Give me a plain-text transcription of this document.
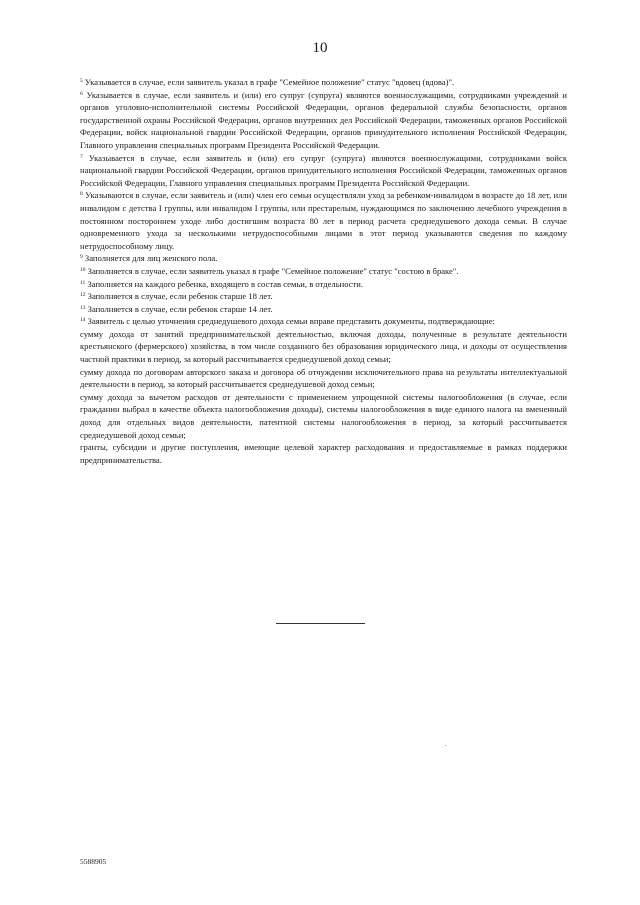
10

$^5$ Указывается в случае, если заявитель указал в графе "Семейное положение" статус "вдовец (вдова)".

$^6$ Указывается в случае, если заявитель и (или) его супруг (супруга) являются военнослужащими, сотрудниками учреждений и органов уголовно-исполнительной системы Российской Федерации, органов федеральной службы безопасности, органов государственной охраны Российской Федерации, органов внутренних дел Российской Федерации, таможенных органов Российской Федерации, войск национальной гвардии Российской Федерации, органов принудительного исполнения Российской Федерации, Главного управления специальных программ Президента Российской Федерации.

$^7$ Указывается в случае, если заявитель и (или) его супруг (супруга) являются военнослужащими, сотрудниками войск национальной гвардии Российской Федерации, органов принудительного исполнения Российской Федерации, таможенных органов Российской Федерации, Главного управления специальных программ Президента Российской Федерации.

$^8$ Указываются в случае, если заявитель и (или) член его семьи осуществляли уход за ребенком-инвалидом в возрасте до 18 лет, или инвалидом с детства I группы, или инвалидом I группы, или престарелым, нуждающимся по заключению лечебного учреждения в постоянном постороннем уходе либо достигшим возраста 80 лет в период расчета среднедушевого дохода семьи. В случае одновременного ухода за несколькими нетрудоспособными лицами в этот период указываются сведения по каждому нетрудоспособному лицу.

$^9$ Заполняется для лиц женского пола.

$^{10}$ Заполняется в случае, если заявитель указал в графе "Семейное положение" статус "состою в браке".

$^{11}$ Заполняется на каждого ребенка, входящего в состав семьи, в отдельности.

$^{12}$ Заполняется в случае, если ребенок старше 18 лет.

$^{13}$ Заполняется в случае, если ребенок старше 14 лет.

$^{14}$ Заявитель с целью уточнения среднедушевого дохода семьи вправе представить документы, подтверждающие:

сумму дохода от занятий предпринимательской деятельностью, включая доходы, полученные в результате деятельности крестьянского (фермерского) хозяйства, в том числе созданного без образования юридического лица, и доходы от осуществления частной практики в период, за который рассчитывается среднедушевой доход семьи;

сумму дохода по договорам авторского заказа и договора об отчуждении исключительного права на результаты интеллектуальной деятельности в период, за который рассчитывается среднедушевой доход семьи;

сумму дохода за вычетом расходов от деятельности с применением упрощенной системы налогообложения (в случае, если гражданин выбрал в качестве объекта налогообложения доходы), системы налогообложения в виде единого налога на вмененный доход для отдельных видов деятельности, патентной системы налогообложения в период, за который рассчитывается среднедушевой доход семьи;

гранты, субсидии и другие поступления, имеющие целевой характер расходования и предоставляемые в рамках поддержки предпринимательства.

5588905
